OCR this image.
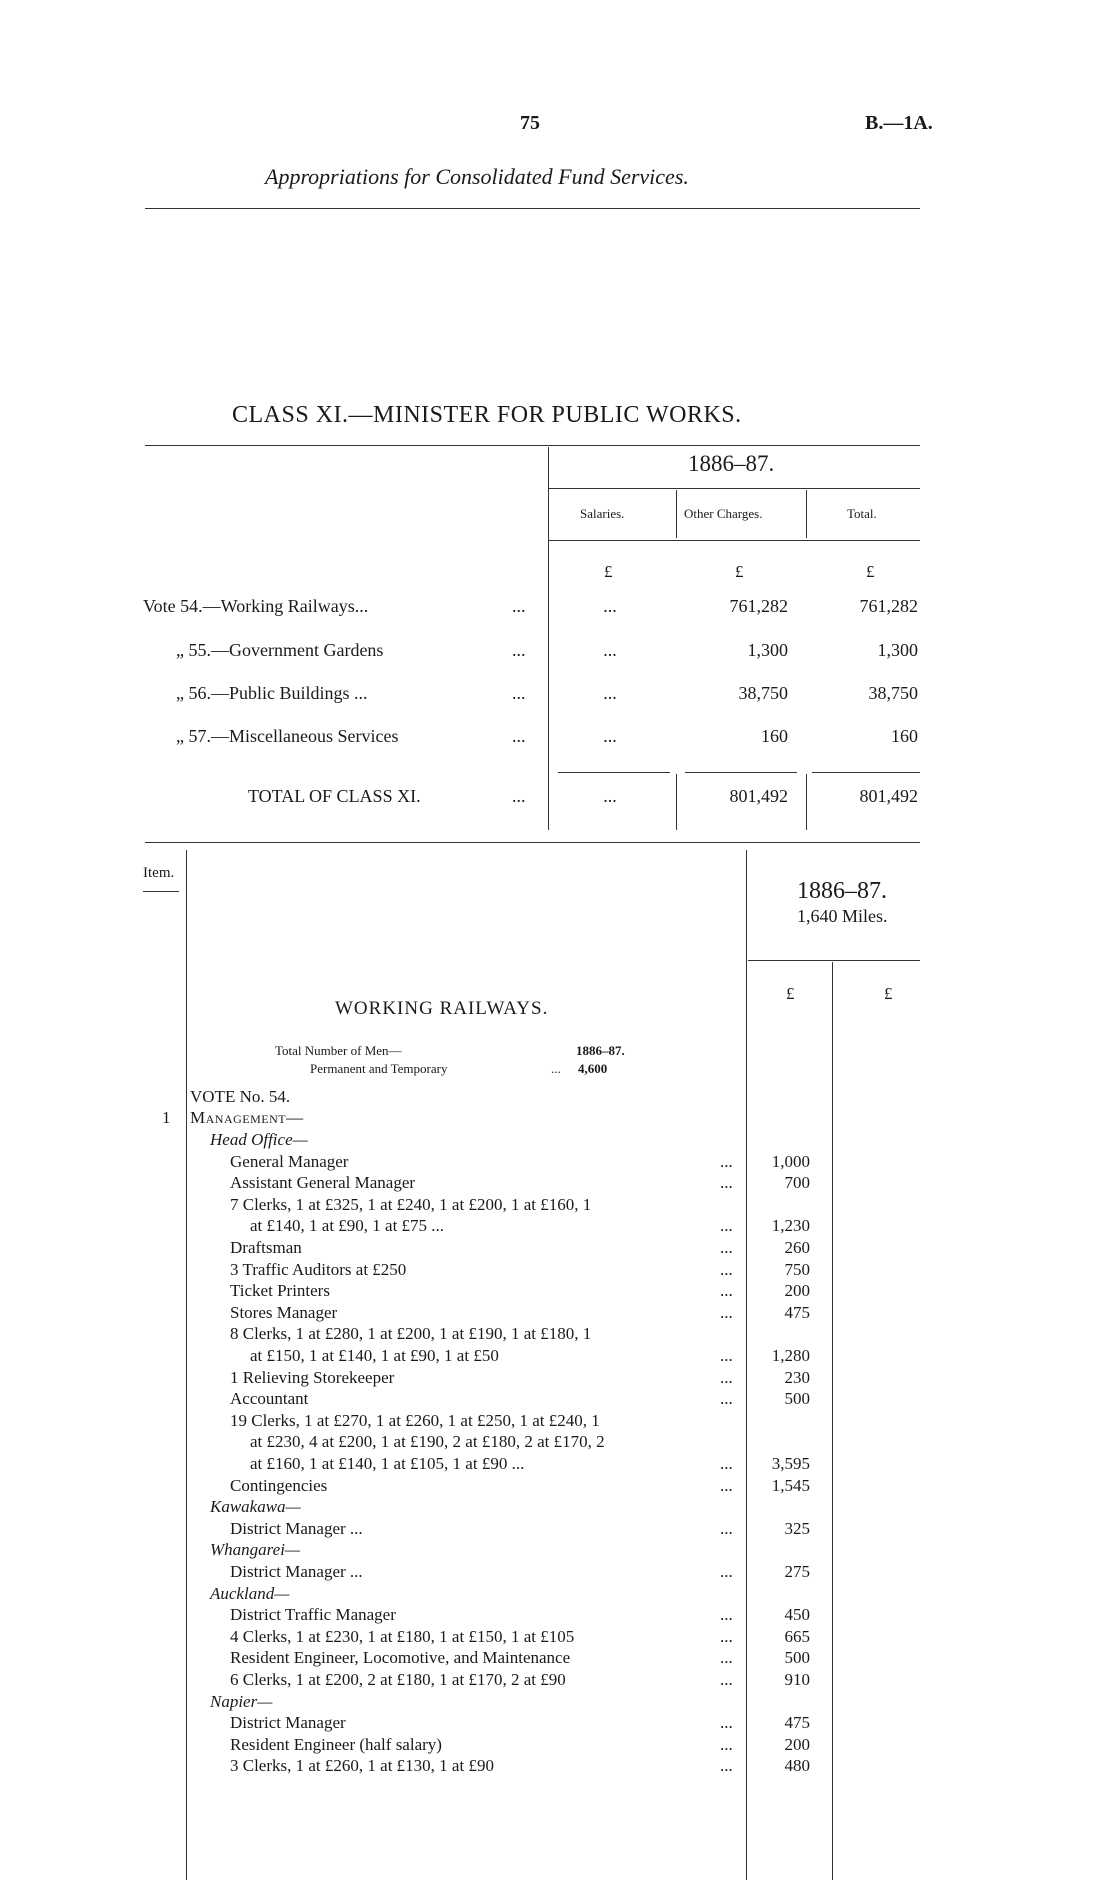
75	B.—1A.
Appropriations for Consolidated Fund Services.
CLASS XI.—MINISTER FOR PUBLIC WORKS.
1886–87.
Salaries.	Other Charges.	Total.
£	£	£
Vote 54.—Working Railways...	...	...	761,282	761,282
„ 55.—Government Gardens	...	...	1,300	1,300
„ 56.—Public Buildings ...	...	...	38,750	38,750
„ 57.—Miscellaneous Services	...	...	160	160
TOTAL OF CLASS XI.	...	...	801,492	801,492
Item.
1886–87.
1,640 Miles.
£	£
WORKING RAILWAYS.
Total Number of Men—	1886–87.
Permanent and Temporary	... 4,600
VOTE No. 54.
1 Management—
Head Office—
General Manager	...	1,000
Assistant General Manager	...	700
7 Clerks, 1 at £325, 1 at £240, 1 at £200, 1 at £160, 1
at £140, 1 at £90, 1 at £75 ...	...	1,230
Draftsman	...	260
3 Traffic Auditors at £250	...	750
Ticket Printers	...	200
Stores Manager	...	475
8 Clerks, 1 at £280, 1 at £200, 1 at £190, 1 at £180, 1
at £150, 1 at £140, 1 at £90, 1 at £50	...	1,280
1 Relieving Storekeeper	...	230
Accountant	...	500
19 Clerks, 1 at £270, 1 at £260, 1 at £250, 1 at £240, 1
at £230, 4 at £200, 1 at £190, 2 at £180, 2 at £170, 2
at £160, 1 at £140, 1 at £105, 1 at £90 ...	...	3,595
Contingencies	...	1,545
Kawakawa—
District Manager ...	...	325
Whangarei—
District Manager ...	...	275
Auckland—
District Traffic Manager	...	450
4 Clerks, 1 at £230, 1 at £180, 1 at £150, 1 at £105	...	665
Resident Engineer, Locomotive, and Maintenance	...	500
6 Clerks, 1 at £200, 2 at £180, 1 at £170, 2 at £90	...	910
Napier—
District Manager	...	475
Resident Engineer (half salary)	...	200
3 Clerks, 1 at £260, 1 at £130, 1 at £90	...	480
